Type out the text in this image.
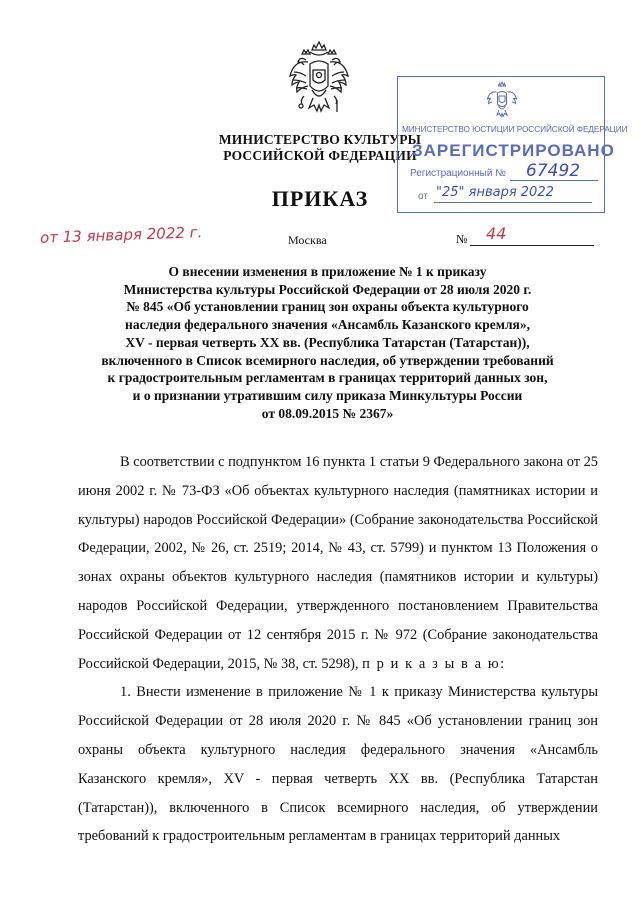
МИНИСТЕРСТВО КУЛЬТУРЫ
РОССИЙСКОЙ ФЕДЕРАЦИИ
ПРИКАЗ
МИНИСТЕРСТВО ЮСТИЦИИ РОССИЙСКОЙ ФЕДЕРАЦИИ
ЗАРЕГИСТРИРОВАНО
Регистрационный № 67492
от "25" января 2022
от 13 января 2022 г.	Москва	№ 44
О внесении изменения в приложение № 1 к приказу
Министерства культуры Российской Федерации от 28 июля 2020 г.
№ 845 «Об установлении границ зон охраны объекта культурного
наследия федерального значения «Ансамбль Казанского кремля»,
XV - первая четверть XX вв. (Республика Татарстан (Татарстан)),
включенного в Список всемирного наследия, об утверждении требований
к градостроительным регламентам в границах территорий данных зон,
и о признании утратившим силу приказа Минкультуры России
от 08.09.2015 № 2367»

В соответствии с подпунктом 16 пункта 1 статьи 9 Федерального закона от 25 июня 2002 г. № 73-ФЗ «Об объектах культурного наследия (памятниках истории и культуры) народов Российской Федерации» (Собрание законодательства Российской Федерации, 2002, № 26, ст. 2519; 2014, № 43, ст. 5799) и пунктом 13 Положения о зонах охраны объектов культурного наследия (памятников истории и культуры) народов Российской Федерации, утвержденного постановлением Правительства Российской Федерации от 12 сентября 2015 г. № 972 (Собрание законодательства Российской Федерации, 2015, № 38, ст. 5298), п р и к а з ы в а ю:

1. Внести изменение в приложение № 1 к приказу Министерства культуры Российской Федерации от 28 июля 2020 г. № 845 «Об установлении границ зон охраны объекта культурного наследия федерального значения «Ансамбль Казанского кремля», XV - первая четверть XX вв. (Республика Татарстан (Татарстан)), включенного в Список всемирного наследия, об утверждении требований к градостроительным регламентам в границах территорий данных
